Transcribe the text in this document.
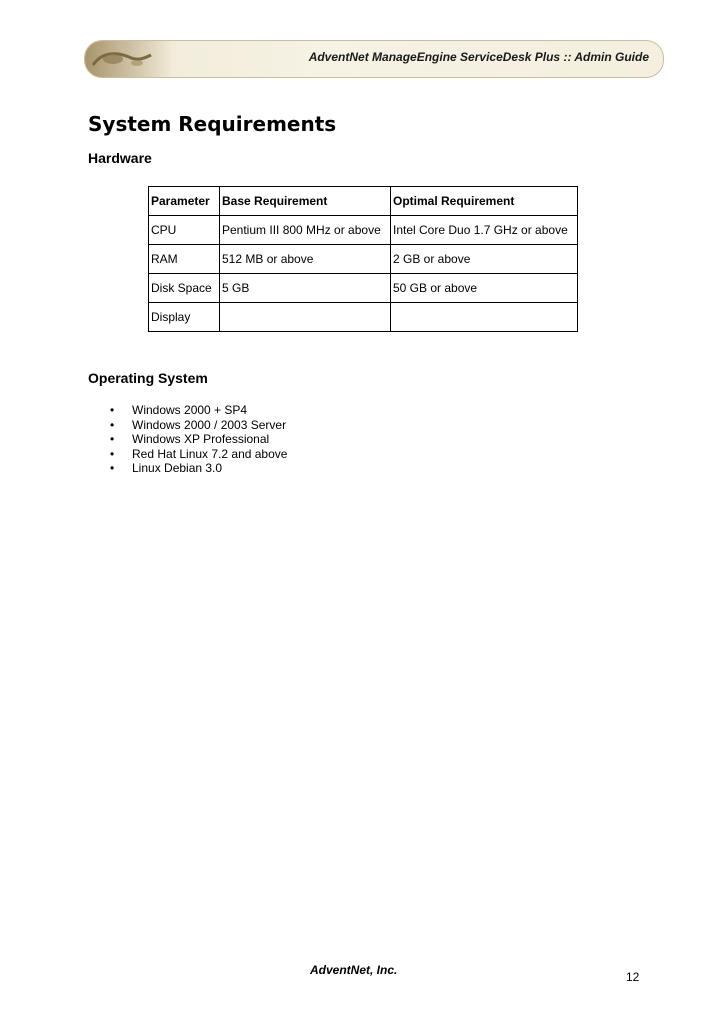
AdventNet ManageEngine ServiceDesk Plus :: Admin Guide
System Requirements
Hardware
Parameter	Base Requirement	Optimal Requirement
CPU	Pentium III 800 MHz or above	Intel Core Duo 1.7 GHz or above
RAM	512 MB or above	2 GB or above
Disk Space	5 GB	50 GB or above
Display		
Operating System
• Windows 2000 + SP4
• Windows 2000 / 2003 Server
• Windows XP Professional
• Red Hat Linux 7.2 and above
• Linux Debian 3.0
AdventNet, Inc.	12
